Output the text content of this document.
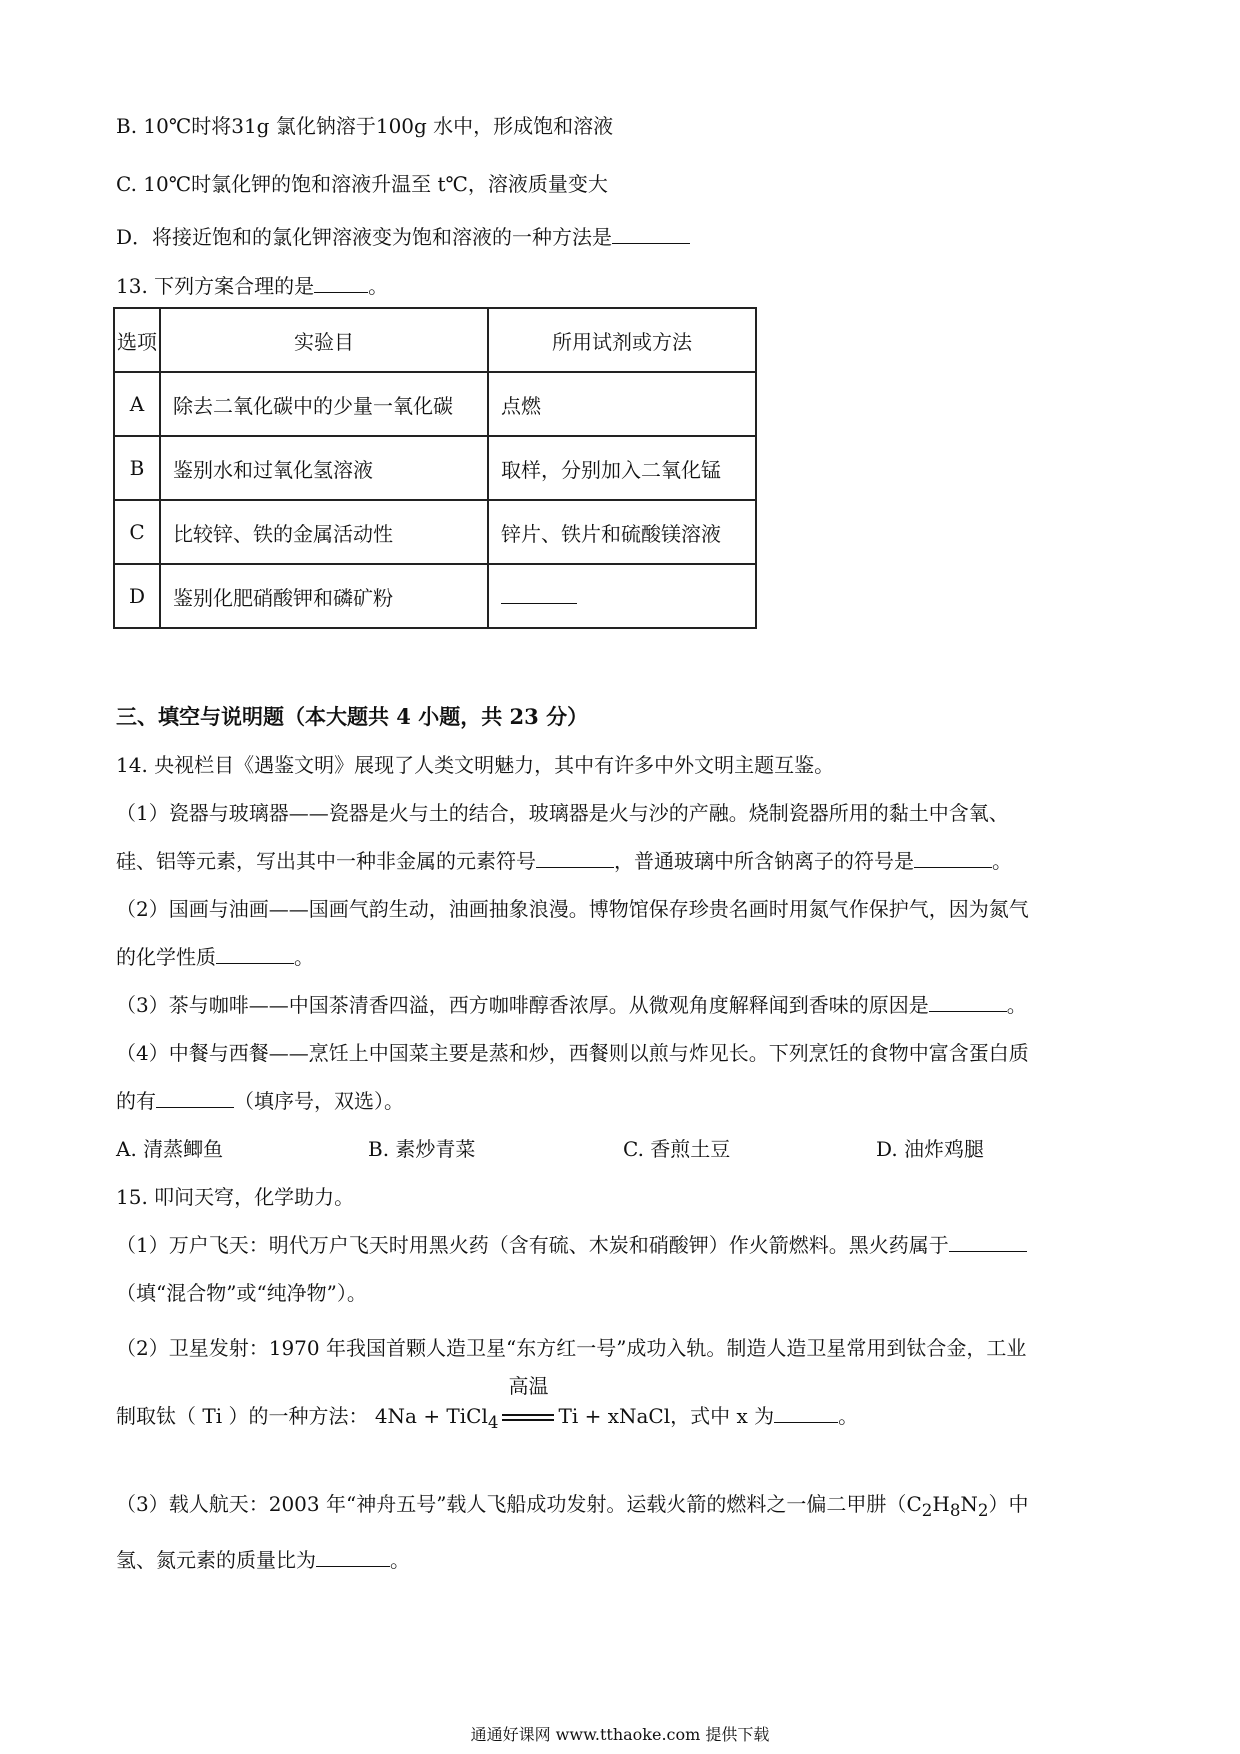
B. 10℃时将31g 氯化钠溶于100g 水中，形成饱和溶液
C. 10℃时氯化钾的饱和溶液升温至 t℃，溶液质量变大
D．将接近饱和的氯化钾溶液变为饱和溶液的一种方法是
13. 下列方案合理的是	。
选项	实验目	所用试剂或方法
A	除去二氧化碳中的少量一氧化碳	点燃
B	鉴别水和过氧化氢溶液	取样，分别加入二氧化锰
C	比较锌、铁的金属活动性	锌片、铁片和硫酸镁溶液
D	鉴别化肥硝酸钾和磷矿粉	
三、填空与说明题（本大题共 4 小题，共 23 分）
14. 央视栏目《遇鉴文明》展现了人类文明魅力，其中有许多中外文明主题互鉴。
（1）瓷器与玻璃器——瓷器是火与土的结合，玻璃器是火与沙的产融。烧制瓷器所用的黏土中含氧、
硅、铝等元素，写出其中一种非金属的元素符号	，普通玻璃中所含钠离子的符号是	。
（2）国画与油画——国画气韵生动，油画抽象浪漫。博物馆保存珍贵名画时用氮气作保护气，因为氮气
的化学性质	。
（3）茶与咖啡——中国茶清香四溢，西方咖啡醇香浓厚。从微观角度解释闻到香味的原因是	。
（4）中餐与西餐——烹饪上中国菜主要是蒸和炒，西餐则以煎与炸见长。下列烹饪的食物中富含蛋白质
的有	（填序号，双选）。
A. 清蒸鲫鱼	B. 素炒青菜	C. 香煎土豆	D. 油炸鸡腿
15. 叩问天穹，化学助力。
（1）万户飞天：明代万户飞天时用黑火药（含有硫、木炭和硝酸钾）作火箭燃料。黑火药属于
（填“混合物”或“纯净物”）。
（2）卫星发射：1970 年我国首颗人造卫星“东方红一号”成功入轨。制造人造卫星常用到钛合金，工业
制取钛（ Ti ）的一种方法： 4Na + TiCl$_4$
高温
Ti + xNaCl，式中 x 为	。
（3）载人航天：2003 年“神舟五号”载人飞船成功发射。运载火箭的燃料之一偏二甲肼$(C_2H_8N_2)$中
氢、氮元素的质量比为	。
通通好课网 www.tthaoke.com 提供下载
